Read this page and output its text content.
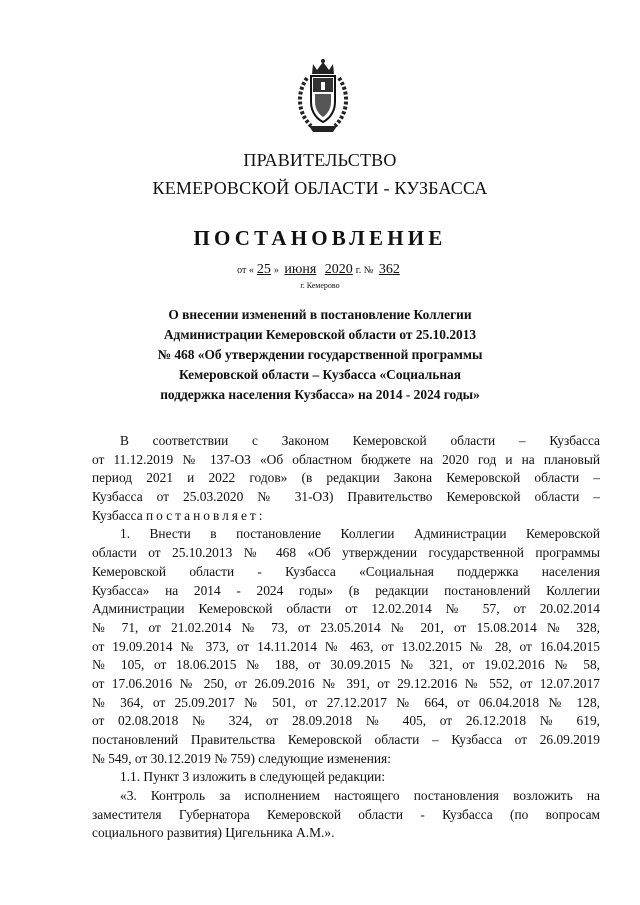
ПРАВИТЕЛЬСТВО
КЕМЕРОВСКОЙ ОБЛАСТИ - КУЗБАССА
ПОСТАНОВЛЕНИЕ
от « 25 » июня 2020 г. № 362
г. Кемерово
О внесении изменений в постановление Коллегии
Администрации Кемеровской области от 25.10.2013
№ 468 «Об утверждении государственной программы
Кемеровской области – Кузбасса «Социальная
поддержка населения Кузбасса» на 2014 - 2024 годы»
В соответствии с Законом Кемеровской области – Кузбасса
от 11.12.2019 № 137-ОЗ «Об областном бюджете на 2020 год и на плановый
период 2021 и 2022 годов» (в редакции Закона Кемеровской области –
Кузбасса от 25.03.2020 № 31-ОЗ) Правительство Кемеровской области –
Кузбасса постановляет:
1. Внести в постановление Коллегии Администрации Кемеровской
области от 25.10.2013 № 468 «Об утверждении государственной программы
Кемеровской области - Кузбасса «Социальная поддержка населения
Кузбасса» на 2014 - 2024 годы» (в редакции постановлений Коллегии
Администрации Кемеровской области от 12.02.2014 № 57, от 20.02.2014
№ 71, от 21.02.2014 № 73, от 23.05.2014 № 201, от 15.08.2014 № 328,
от 19.09.2014 № 373, от 14.11.2014 № 463, от 13.02.2015 № 28, от 16.04.2015
№ 105, от 18.06.2015 № 188, от 30.09.2015 № 321, от 19.02.2016 № 58,
от 17.06.2016 № 250, от 26.09.2016 № 391, от 29.12.2016 № 552, от 12.07.2017
№ 364, от 25.09.2017 № 501, от 27.12.2017 № 664, от 06.04.2018 № 128,
от 02.08.2018 № 324, от 28.09.2018 № 405, от 26.12.2018 № 619,
постановлений Правительства Кемеровской области – Кузбасса от 26.09.2019
№ 549, от 30.12.2019 № 759) следующие изменения:
1.1. Пункт 3 изложить в следующей редакции:
«3. Контроль за исполнением настоящего постановления возложить на
заместителя Губернатора Кемеровской области - Кузбасса (по вопросам
социального развития) Цигельника А.М.».
